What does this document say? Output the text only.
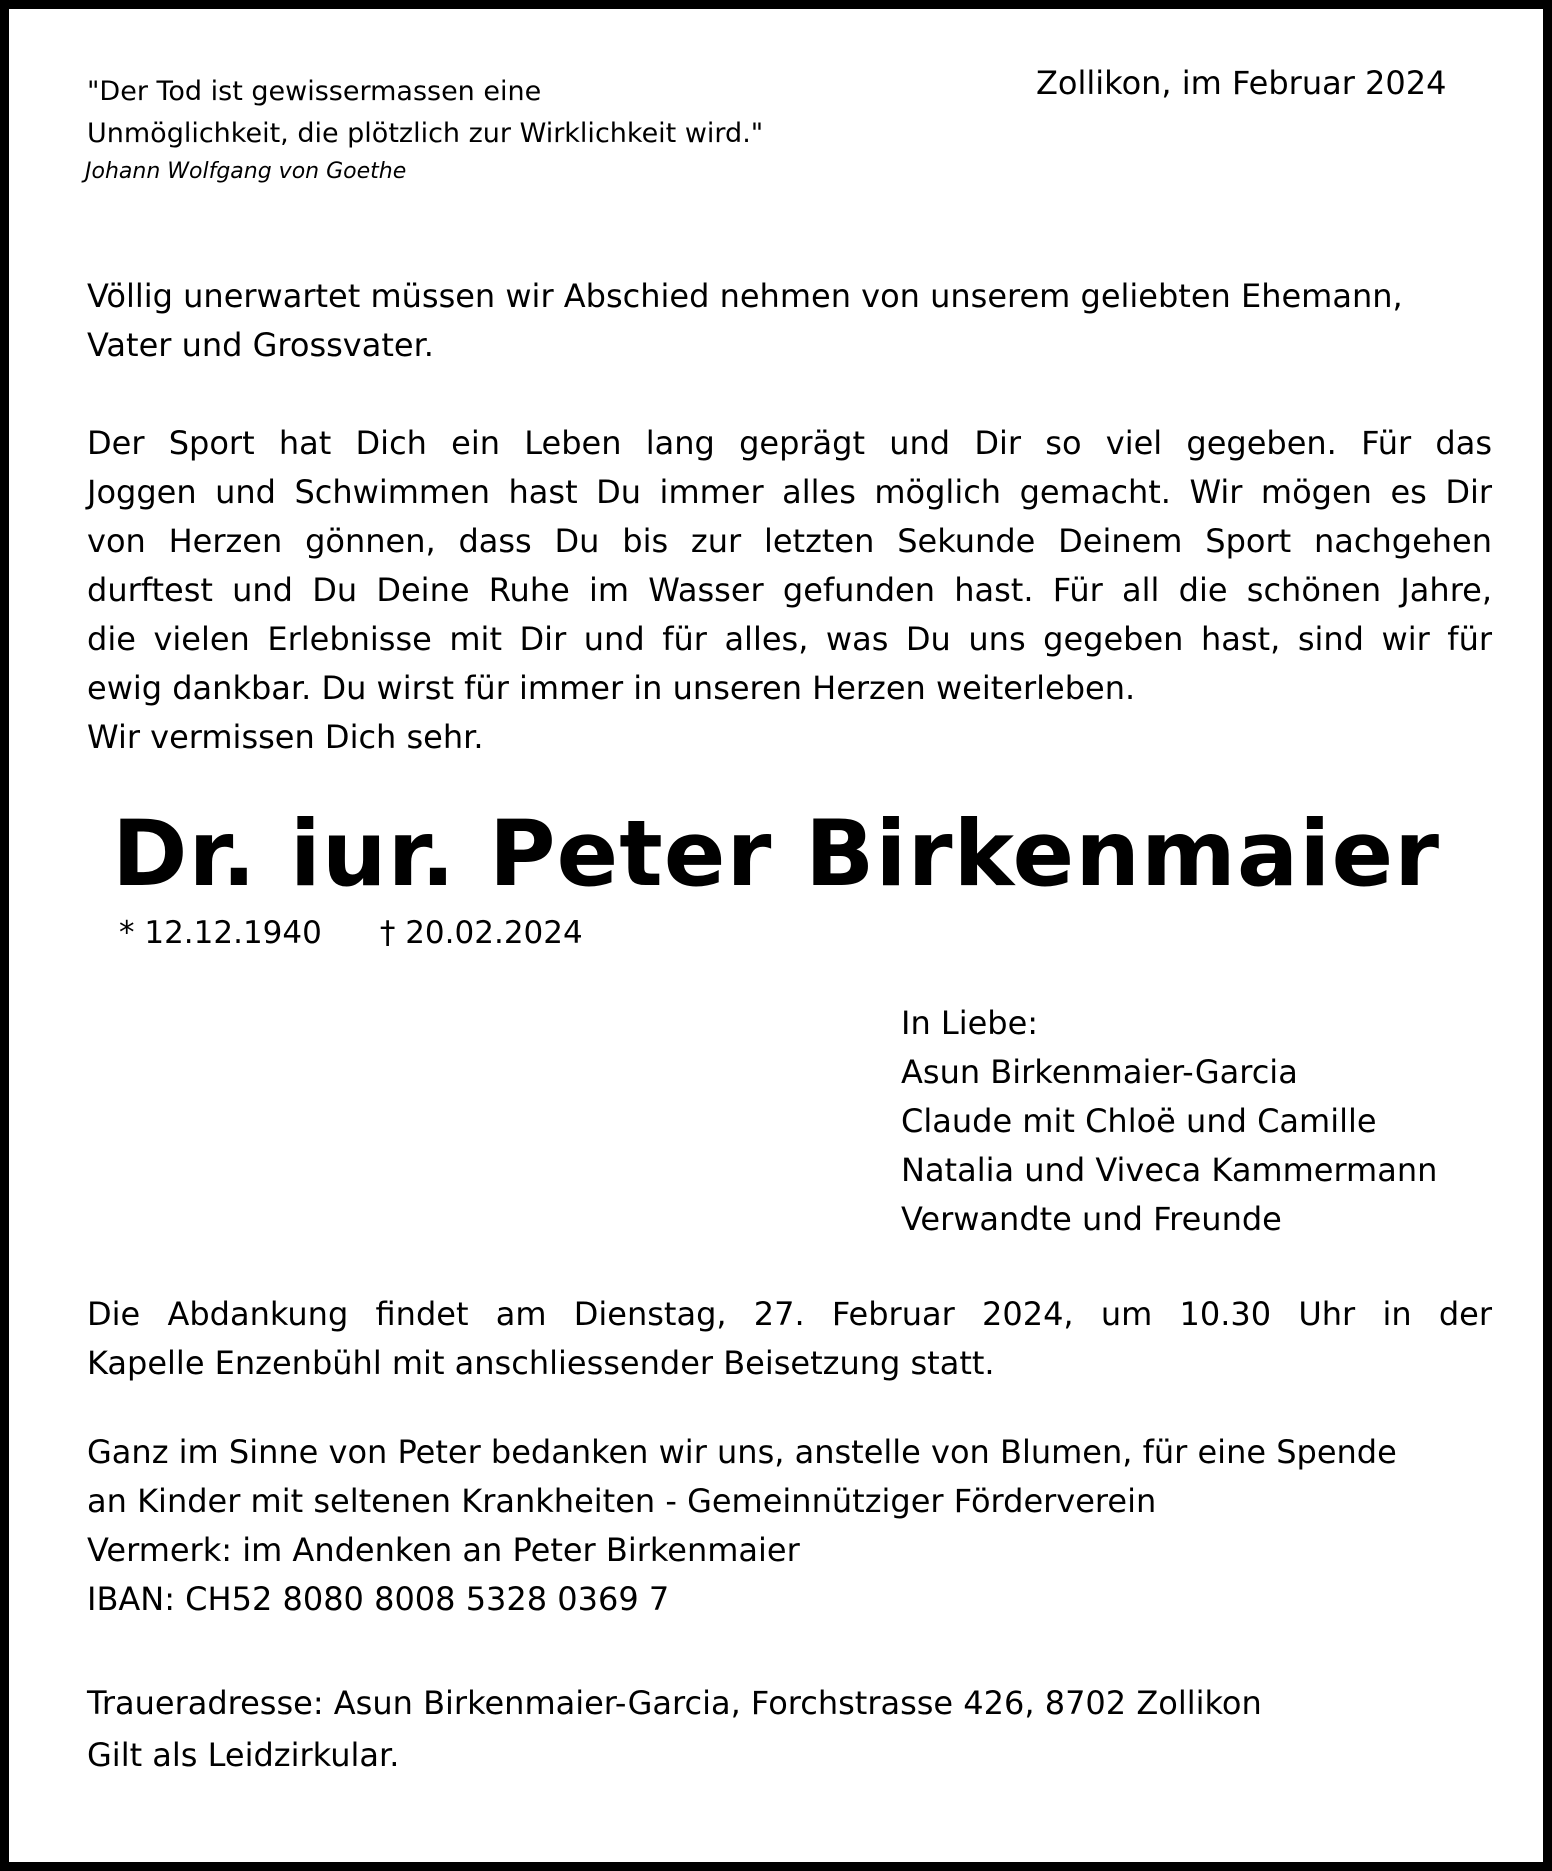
"Der Tod ist gewissermassen eine
Unmöglichkeit, die plötzlich zur Wirklichkeit wird."
Johann Wolfgang von Goethe
Zollikon, im Februar 2024
Völlig unerwartet müssen wir Abschied nehmen von unserem geliebten Ehemann,
Vater und Grossvater.
Der Sport hat Dich ein Leben lang geprägt und Dir so viel gegeben. Für das
Joggen und Schwimmen hast Du immer alles möglich gemacht. Wir mögen es Dir
von Herzen gönnen, dass Du bis zur letzten Sekunde Deinem Sport nachgehen
durftest und Du Deine Ruhe im Wasser gefunden hast. Für all die schönen Jahre,
die vielen Erlebnisse mit Dir und für alles, was Du uns gegeben hast, sind wir für
ewig dankbar. Du wirst für immer in unseren Herzen weiterleben.
Wir vermissen Dich sehr.
Dr. iur. Peter Birkenmaier
* 12.12.1940 † 20.02.2024
In Liebe:
Asun Birkenmaier-Garcia
Claude mit Chloë und Camille
Natalia und Viveca Kammermann
Verwandte und Freunde
Die Abdankung findet am Dienstag, 27. Februar 2024, um 10.30 Uhr in der
Kapelle Enzenbühl mit anschliessender Beisetzung statt.
Ganz im Sinne von Peter bedanken wir uns, anstelle von Blumen, für eine Spende
an Kinder mit seltenen Krankheiten - Gemeinnütziger Förderverein
Vermerk: im Andenken an Peter Birkenmaier
IBAN: CH52 8080 8008 5328 0369 7
Traueradresse: Asun Birkenmaier-Garcia, Forchstrasse 426, 8702 Zollikon
Gilt als Leidzirkular.
